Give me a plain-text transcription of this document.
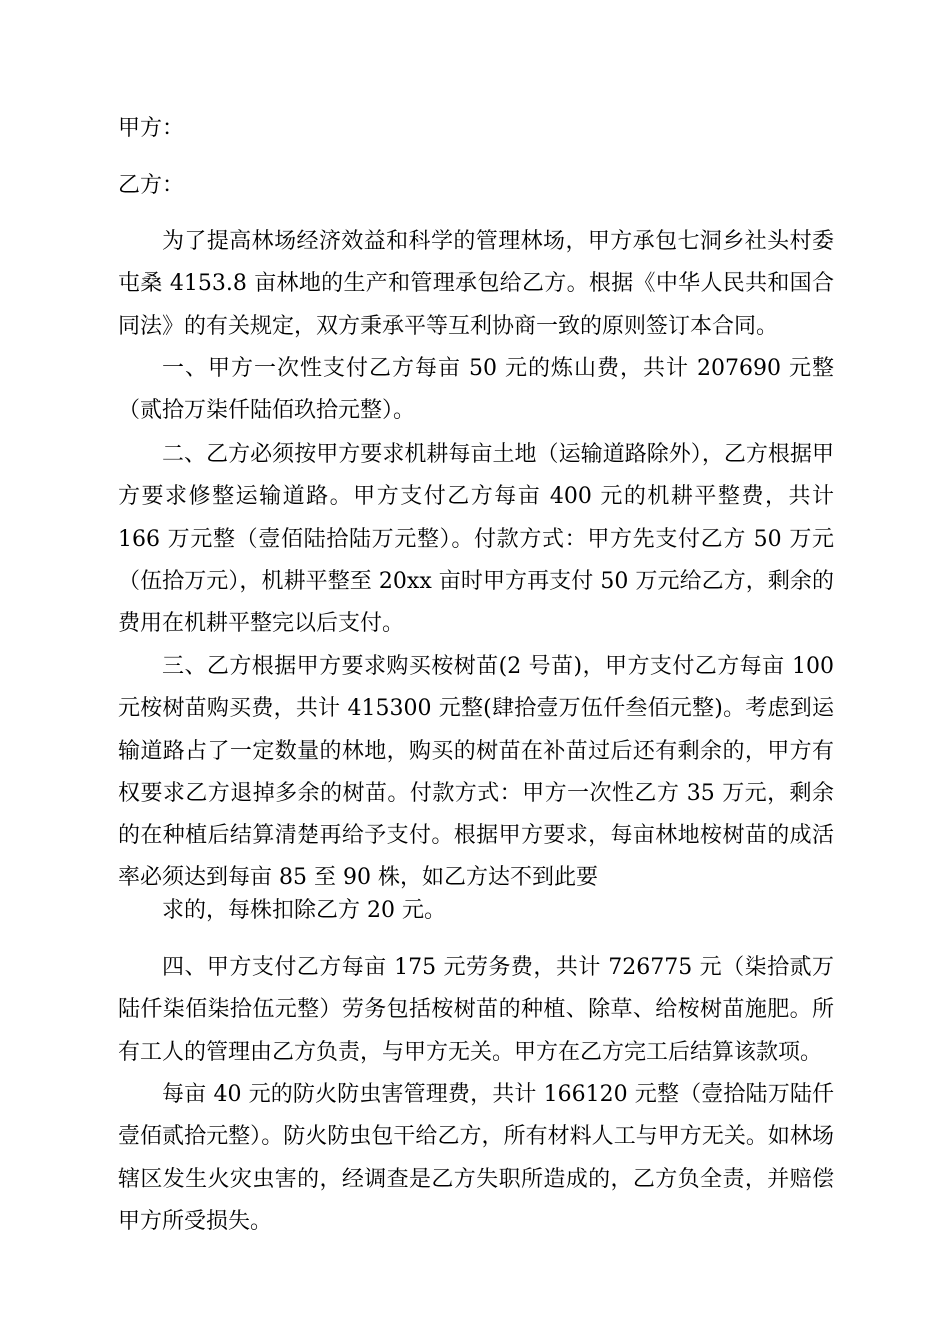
甲方：

乙方：

为了提高林场经济效益和科学的管理林场，甲方承包七洞乡社头村委屯桑 4153.8 亩林地的生产和管理承包给乙方。根据《中华人民共和国合同法》的有关规定，双方秉承平等互利协商一致的原则签订本合同。

一、甲方一次性支付乙方每亩 50 元的炼山费，共计 207690 元整（贰拾万柒仟陆佰玖拾元整）。

二、乙方必须按甲方要求机耕每亩土地（运输道路除外），乙方根据甲方要求修整运输道路。甲方支付乙方每亩 400 元的机耕平整费，共计 166 万元整（壹佰陆拾陆万元整）。付款方式：甲方先支付乙方 50 万元（伍拾万元），机耕平整至 20xx 亩时甲方再支付 50 万元给乙方，剩余的费用在机耕平整完以后支付。

三、乙方根据甲方要求购买桉树苗(2 号苗)，甲方支付乙方每亩 100 元桉树苗购买费，共计 415300 元整(肆拾壹万伍仟叁佰元整)。考虑到运输道路占了一定数量的林地，购买的树苗在补苗过后还有剩余的，甲方有权要求乙方退掉多余的树苗。付款方式：甲方一次性乙方 35 万元，剩余的在种植后结算清楚再给予支付。根据甲方要求，每亩林地桉树苗的成活率必须达到每亩 85 至 90 株，如乙方达不到此要

求的，每株扣除乙方 20 元。

四、甲方支付乙方每亩 175 元劳务费，共计 726775 元（柒拾贰万陆仟柒佰柒拾伍元整）劳务包括桉树苗的种植、除草、给桉树苗施肥。所有工人的管理由乙方负责，与甲方无关。甲方在乙方完工后结算该款项。

每亩 40 元的防火防虫害管理费，共计 166120 元整（壹拾陆万陆仟壹佰贰拾元整）。防火防虫包干给乙方，所有材料人工与甲方无关。如林场辖区发生火灾虫害的，经调查是乙方失职所造成的，乙方负全责，并赔偿甲方所受损失。
